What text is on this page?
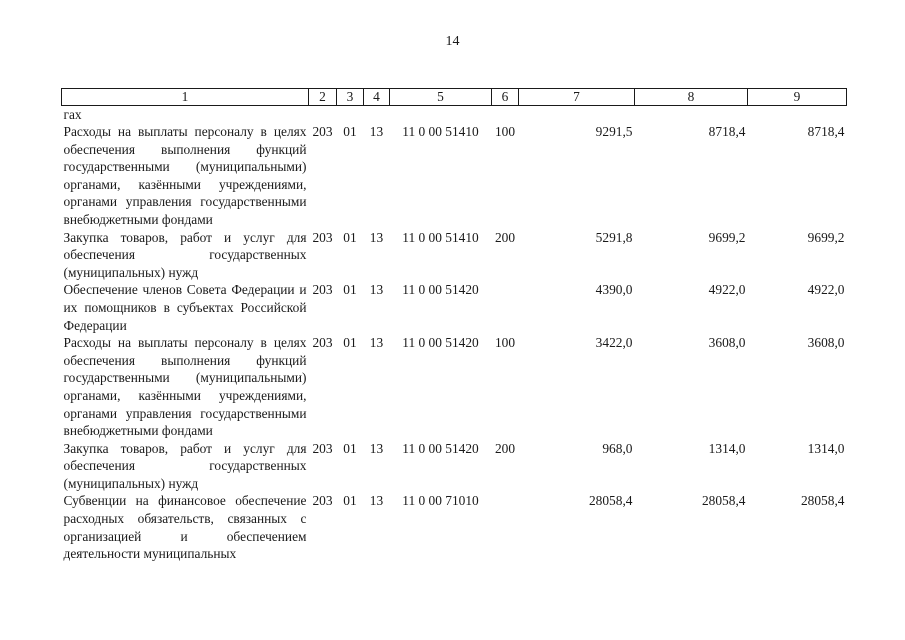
14
1	2	3	4	5	6	7	8	9
гах								
Расходы на выплаты персоналу в целях обеспечения выполнения функций государственными (муниципальными) органами, казёнными учреждениями, органами управления государственными внебюджетными фондами	203	01	13	11 0 00 51410	100	9291,5	8718,4	8718,4
Закупка товаров, работ и услуг для обеспечения государственных (муниципальных) нужд	203	01	13	11 0 00 51410	200	5291,8	9699,2	9699,2
Обеспечение членов Совета Федерации и их помощников в субъектах Российской Федерации	203	01	13	11 0 00 51420		4390,0	4922,0	4922,0
Расходы на выплаты персоналу в целях обеспечения выполнения функций государственными (муниципальными) органами, казёнными учреждениями, органами управления государственными внебюджетными фондами	203	01	13	11 0 00 51420	100	3422,0	3608,0	3608,0
Закупка товаров, работ и услуг для обеспечения государственных (муниципальных) нужд	203	01	13	11 0 00 51420	200	968,0	1314,0	1314,0
Субвенции на финансовое обеспечение расходных обязательств, связанных с организацией и обеспечением деятельности муниципальных	203	01	13	11 0 00 71010		28058,4	28058,4	28058,4
